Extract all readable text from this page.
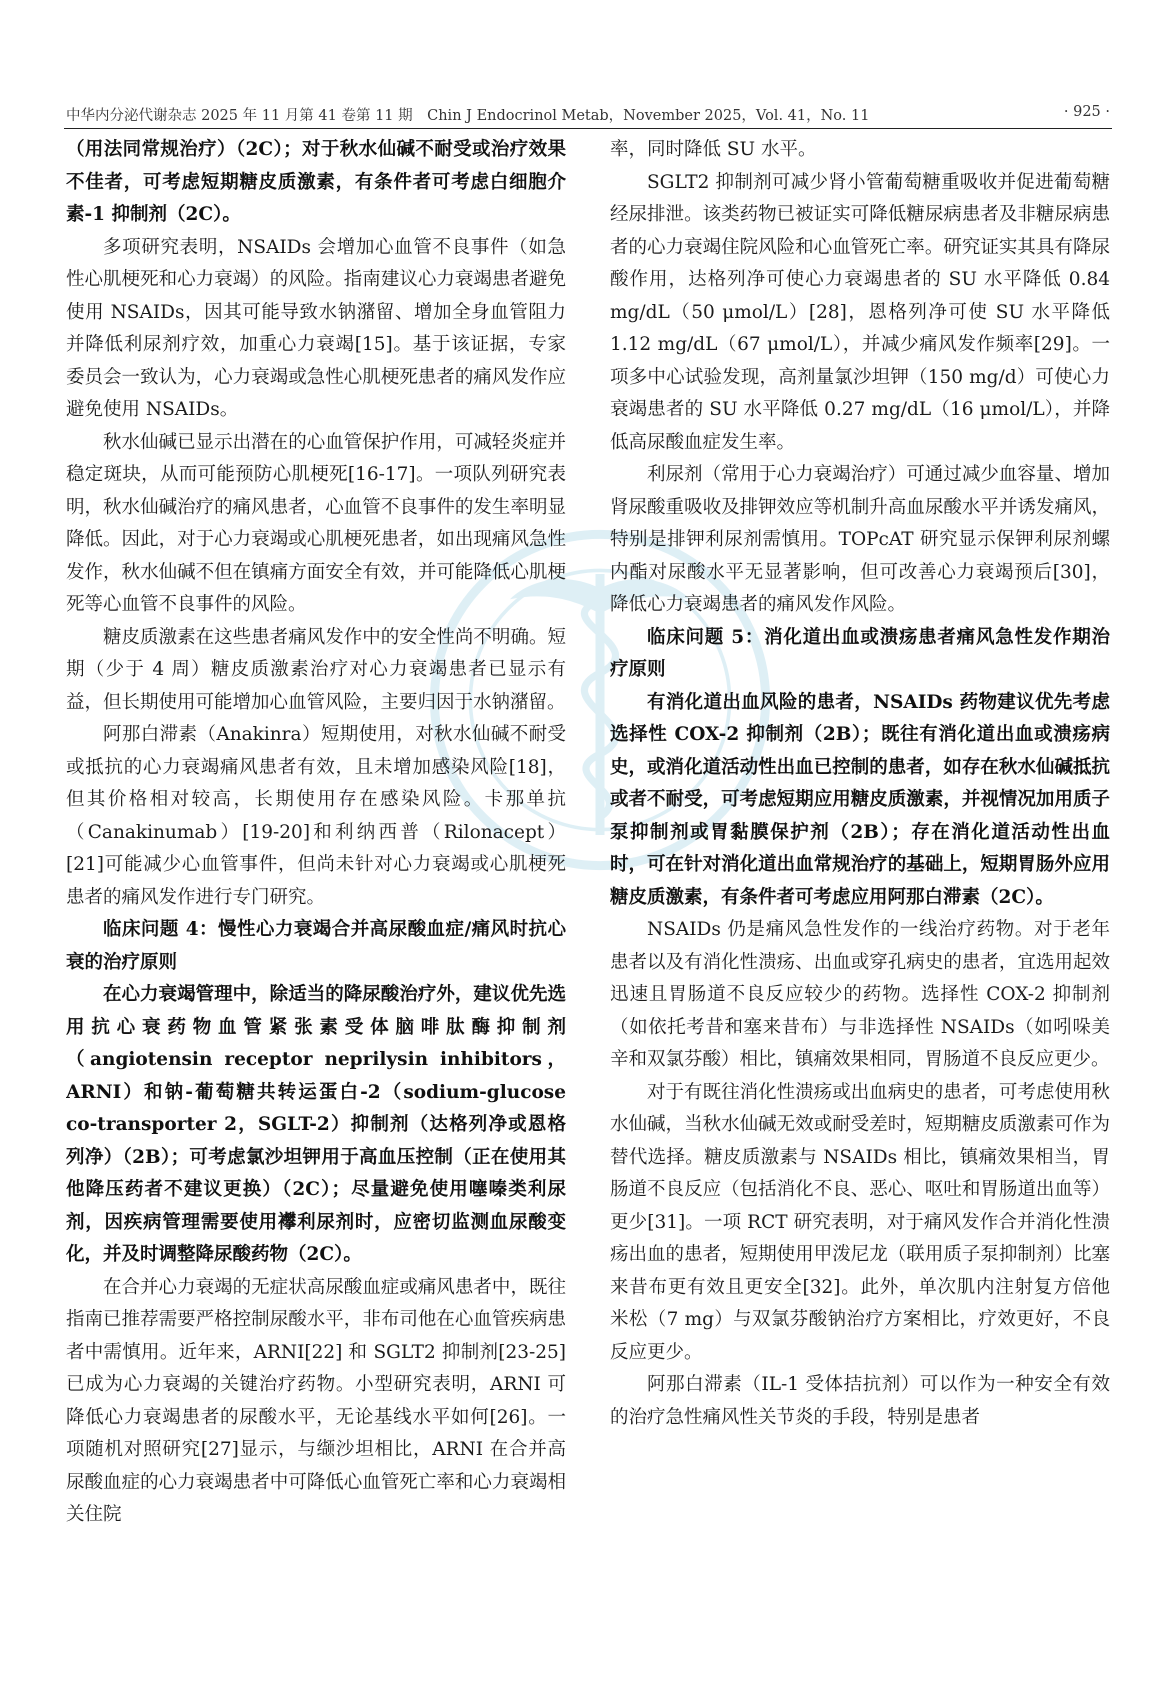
中华内分泌代谢杂志 2025 年 11 月第 41 卷第 11 期　Chin J Endocrinol Metab，November 2025，Vol. 41，No. 11	· 925 ·

（用法同常规治疗）（2C）；对于秋水仙碱不耐受或治疗效果不佳者，可考虑短期糖皮质激素，有条件者可考虑白细胞介素-1 抑制剂（2C）。

多项研究表明，NSAIDs 会增加心血管不良事件（如急性心肌梗死和心力衰竭）的风险。指南建议心力衰竭患者避免使用 NSAIDs，因其可能导致水钠潴留、增加全身血管阻力并降低利尿剂疗效，加重心力衰竭[15]。基于该证据，专家委员会一致认为，心力衰竭或急性心肌梗死患者的痛风发作应避免使用 NSAIDs。

秋水仙碱已显示出潜在的心血管保护作用，可减轻炎症并稳定斑块，从而可能预防心肌梗死[16-17]。一项队列研究表明，秋水仙碱治疗的痛风患者，心血管不良事件的发生率明显降低。因此，对于心力衰竭或心肌梗死患者，如出现痛风急性发作，秋水仙碱不但在镇痛方面安全有效，并可能降低心肌梗死等心血管不良事件的风险。

糖皮质激素在这些患者痛风发作中的安全性尚不明确。短期（少于 4 周）糖皮质激素治疗对心力衰竭患者已显示有益，但长期使用可能增加心血管风险，主要归因于水钠潴留。

阿那白滞素（Anakinra）短期使用，对秋水仙碱不耐受或抵抗的心力衰竭痛风患者有效，且未增加感染风险[18]，但其价格相对较高，长期使用存在感染风险。卡那单抗（Canakinumab）[19-20]和利纳西普（Rilonacept）[21]可能减少心血管事件，但尚未针对心力衰竭或心肌梗死患者的痛风发作进行专门研究。

临床问题 4：慢性心力衰竭合并高尿酸血症/痛风时抗心衰的治疗原则

在心力衰竭管理中，除适当的降尿酸治疗外，建议优先选用抗心衰药物血管紧张素受体脑啡肽酶抑制剂（angiotensin receptor neprilysin inhibitors，ARNI）和钠-葡萄糖共转运蛋白-2（sodium-glucose co-transporter 2，SGLT-2）抑制剂（达格列净或恩格列净）（2B）；可考虑氯沙坦钾用于高血压控制（正在使用其他降压药者不建议更换）（2C）；尽量避免使用噻嗪类利尿剂，因疾病管理需要使用襻利尿剂时，应密切监测血尿酸变化，并及时调整降尿酸药物（2C）。

在合并心力衰竭的无症状高尿酸血症或痛风患者中，既往指南已推荐需要严格控制尿酸水平，非布司他在心血管疾病患者中需慎用。近年来，ARNI[22] 和 SGLT2 抑制剂[23-25]已成为心力衰竭的关键治疗药物。小型研究表明，ARNI 可降低心力衰竭患者的尿酸水平，无论基线水平如何[26]。一项随机对照研究[27]显示，与缬沙坦相比，ARNI 在合并高尿酸血症的心力衰竭患者中可降低心血管死亡率和心力衰竭相关住院

率，同时降低 SU 水平。

SGLT2 抑制剂可减少肾小管葡萄糖重吸收并促进葡萄糖经尿排泄。该类药物已被证实可降低糖尿病患者及非糖尿病患者的心力衰竭住院风险和心血管死亡率。研究证实其具有降尿酸作用，达格列净可使心力衰竭患者的 SU 水平降低 0.84 mg/dL（50 μmol/L）[28]，恩格列净可使 SU 水平降低 1.12 mg/dL（67 μmol/L），并减少痛风发作频率[29]。一项多中心试验发现，高剂量氯沙坦钾（150 mg/d）可使心力衰竭患者的 SU 水平降低 0.27 mg/dL（16 μmol/L），并降低高尿酸血症发生率。

利尿剂（常用于心力衰竭治疗）可通过减少血容量、增加肾尿酸重吸收及排钾效应等机制升高血尿酸水平并诱发痛风，特别是排钾利尿剂需慎用。TOPcAT 研究显示保钾利尿剂螺内酯对尿酸水平无显著影响，但可改善心力衰竭预后[30]，降低心力衰竭患者的痛风发作风险。

临床问题 5：消化道出血或溃疡患者痛风急性发作期治疗原则

有消化道出血风险的患者，NSAIDs 药物建议优先考虑选择性 COX-2 抑制剂（2B）；既往有消化道出血或溃疡病史，或消化道活动性出血已控制的患者，如存在秋水仙碱抵抗或者不耐受，可考虑短期应用糖皮质激素，并视情况加用质子泵抑制剂或胃黏膜保护剂（2B）；存在消化道活动性出血时，可在针对消化道出血常规治疗的基础上，短期胃肠外应用糖皮质激素，有条件者可考虑应用阿那白滞素（2C）。

NSAIDs 仍是痛风急性发作的一线治疗药物。对于老年患者以及有消化性溃疡、出血或穿孔病史的患者，宜选用起效迅速且胃肠道不良反应较少的药物。选择性 COX-2 抑制剂（如依托考昔和塞来昔布）与非选择性 NSAIDs（如吲哚美辛和双氯芬酸）相比，镇痛效果相同，胃肠道不良反应更少。

对于有既往消化性溃疡或出血病史的患者，可考虑使用秋水仙碱，当秋水仙碱无效或耐受差时，短期糖皮质激素可作为替代选择。糖皮质激素与 NSAIDs 相比，镇痛效果相当，胃肠道不良反应（包括消化不良、恶心、呕吐和胃肠道出血等）更少[31]。一项 RCT 研究表明，对于痛风发作合并消化性溃疡出血的患者，短期使用甲泼尼龙（联用质子泵抑制剂）比塞来昔布更有效且更安全[32]。此外，单次肌内注射复方倍他米松（7 mg）与双氯芬酸钠治疗方案相比，疗效更好，不良反应更少。

阿那白滞素（IL-1 受体拮抗剂）可以作为一种安全有效的治疗急性痛风性关节炎的手段，特别是患者
